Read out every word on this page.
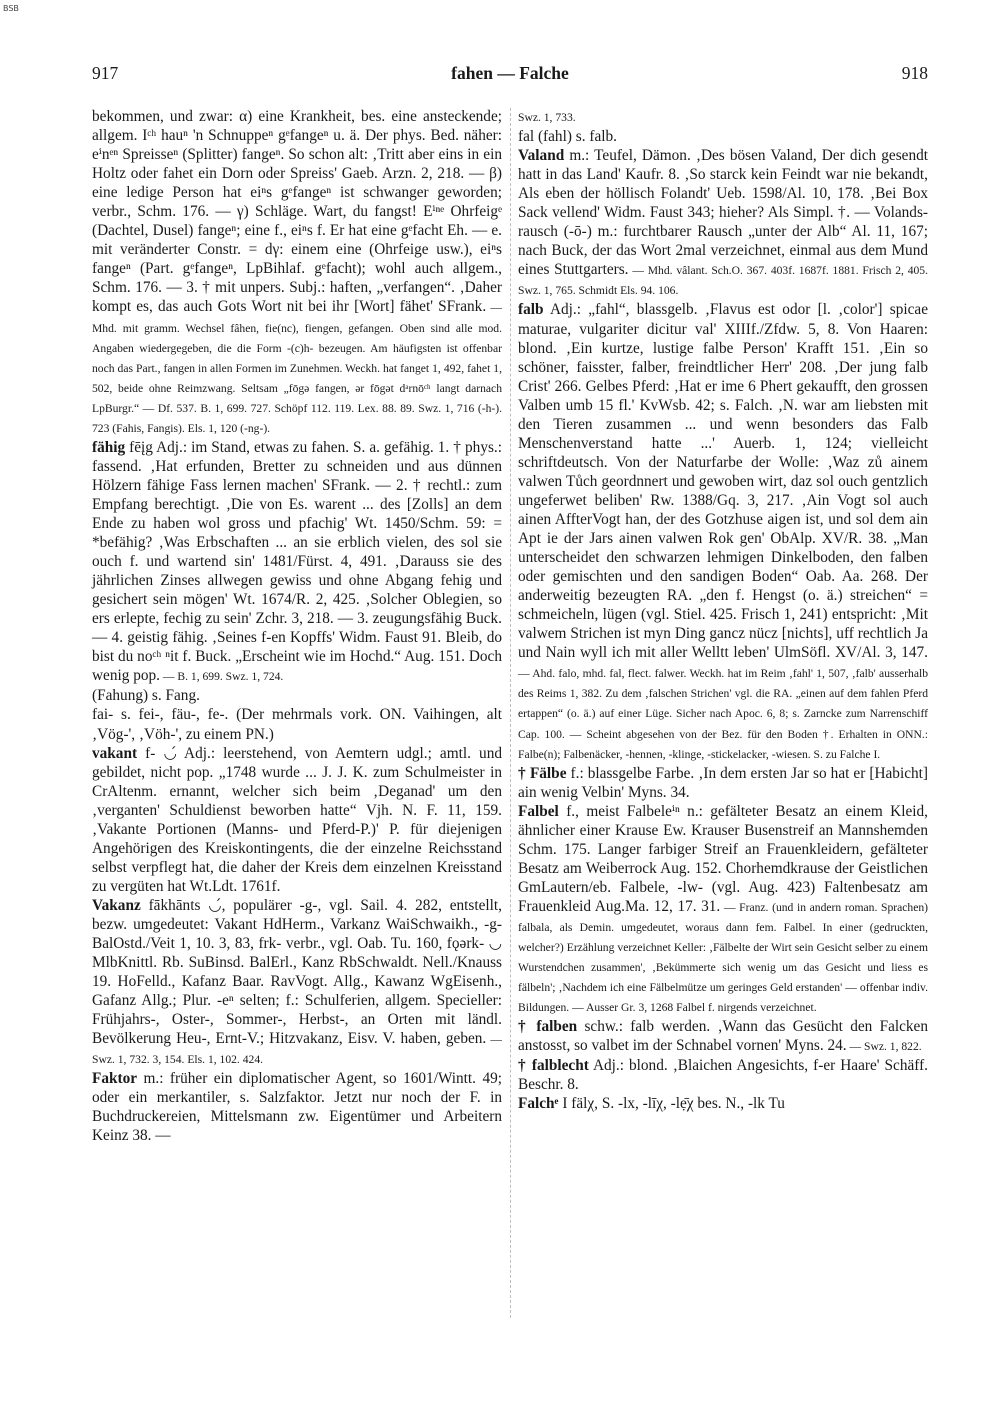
BSB
917	fahen — Falche	918

bekommen, und zwar: α) eine Krankheit, bes. eine ansteckende; allgem. Iᶜʰ hauⁿ 'n Schnuppeⁿ gᵉfangeⁿ u. ä. Der phys. Bed. näher: eⁱnᵉⁿ Spreisseⁿ (Splitter) fangeⁿ. So schon alt: ‚Tritt aber eins in ein Holtz oder fahet ein Dorn oder Spreiss' Gaeb. Arzn. 2, 218. — β) eine ledige Person hat eiⁿs gᵉfangeⁿ ist schwanger geworden; verbr., Schm. 176. — γ) Schläge. Wart, du fangst! Eⁱⁿᵉ Ohrfeigᵉ (Dachtel, Dusel) fangeⁿ; eine f., eiⁿs f. Er hat eine gᵉfacht Eh. — e. mit veränderter Constr. = dγ: einem eine (Ohrfeige usw.), eiⁿs fangeⁿ (Part. gᵉfangeⁿ, LpBihlaf. gᵉfacht); wohl auch allgem., Schm. 176. — 3. † mit unpers. Subj.: haften, „verfangen“. ‚Daher kompt es, das auch Gots Wort nit bei ihr [Wort] fähet' SFrank. — Mhd. mit gramm. Wechsel fâhen, fie(nc), fiengen, gefangen. Oben sind alle mod. Angaben wiedergegeben, die die Form -(c)h- bezeugen. Am häufigsten ist offenbar noch das Part., fangen in allen Formen im Zunehmen. Weckh. hat fanget 1, 492, fahet 1, 502, beide ohne Reimzwang. Seltsam „fōgə fangen, ər fōgət dᵃrnōᶜʰ langt darnach LpBurgr.“ — Df. 537. B. 1, 699. 727. Schöpf 112. 119. Lex. 88. 89. Swz. 1, 716 (-h-). 723 (Fahis, Fangis). Els. 1, 120 (-ng-).

fähig fēįg Adj.: im Stand, etwas zu fahen. S. a. gefähig. 1. † phys.: fassend. ‚Hat erfunden, Bretter zu schneiden und aus dünnen Hölzern fähige Fass lernen machen' SFrank. — 2. † rechtl.: zum Empfang berechtigt. ‚Die von Es. warent ... des [Zolls] an dem Ende zu haben wol gross und pfachig' Wt. 1450/Schm. 59: = *befähig? ‚Was Erbschaften ... an sie erblich vielen, des sol sie ouch f. und wartend sin' 1481/Fürst. 4, 491. ‚Darauss sie des jährlichen Zinses allwegen gewiss und ohne Abgang fehig und gesichert sein mögen' Wt. 1674/R. 2, 425. ‚Solcher Oblegien, so ers erlepte, fechig zu sein' Zchr. 3, 218. — 3. zeugungsfähig Buck. — 4. geistig fähig. ‚Seines f-en Kopffs' Widm. Faust 91. Bleib, do bist du noᶜʰ ⁿit f. Buck. „Erscheint wie im Hochd.“ Aug. 151. Doch wenig pop. — B. 1, 699. Swz. 1, 724.

(Fahung) s. Fang.

fai- s. fei-, fäu-, fe-. (Der mehrmals vork. ON. Vaihingen, alt ‚Vög-', ‚Vöh-', zu einem PN.)

vakant f- ◡́ Adj.: leerstehend, von Aemtern udgl.; amtl. und gebildet, nicht pop. „1748 wurde ... J. J. K. zum Schulmeister in CrAltenm. ernannt, welcher sich beim ‚Deganad' um den ‚verganten' Schuldienst beworben hatte“ Vjh. N. F. 11, 159. ‚Vakante Portionen (Manns- und Pferd-P.)' P. für diejenigen Angehörigen des Kreiskontingents, die der einzelne Reichsstand selbst verpflegt hat, die daher der Kreis dem einzelnen Kreisstand zu vergüten hat Wt.Ldt. 1761f.

Vakanz fākhānts ◡́, populärer -g-, vgl. Sail. 4. 282, entstellt, bezw. umgedeutet: Vakant HdHerm., Varkanz WaiSchwaikh., -g- BalOstd./Veit 1, 10. 3, 83, frk- verbr., vgl. Oab. Tu. 160, fǫərk- ◡ MlbKnittl. Rb. SuBinsd. BalErl., Kanz RbSchwaldt. Nell./Knauss 19. HoFelld., Kafanz Baar. RavVogt. Allg., Kawanz WgEisenh., Gafanz Allg.; Plur. -eⁿ selten; f.: Schulferien, allgem. Specieller: Frühjahrs-, Oster-, Sommer-, Herbst-, an Orten mit ländl. Bevölkerung Heu-, Ernt-V.; Hitzvakanz, Eisv. V. haben, geben. — Swz. 1, 732. 3, 154. Els. 1, 102. 424.

Faktor m.: früher ein diplomatischer Agent, so 1601/Wintt. 49; oder ein merkantiler, s. Salzfaktor. Jetzt nur noch der F. in Buchdruckereien, Mittelsmann zw. Eigentümer und Arbeitern Keinz 38. —

Swz. 1, 733.

fal (fahl) s. falb.

Valand m.: Teufel, Dämon. ‚Des bösen Valand, Der dich gesendt hatt in das Land' Kaufr. 8. ‚So starck kein Feindt war nie bekandt, Als eben der höllisch Folandt' Ueb. 1598/Al. 10, 178. ‚Bei Box Sack vellend' Widm. Faust 343; hieher? Als Simpl. †. — Volands-rausch (-ō-) m.: furchtbarer Rausch „unter der Alb“ Al. 11, 167; nach Buck, der das Wort 2mal verzeichnet, einmal aus dem Mund eines Stuttgarters. — Mhd. vâlant. Sch.O. 367. 403f. 1687f. 1881. Frisch 2, 405. Swz. 1, 765. Schmidt Els. 94. 106.

falb Adj.: „fahl“, blassgelb. ‚Flavus est odor [l. ‚color'] spicae maturae, vulgariter dicitur val' XIIIf./Zfdw. 5, 8. Von Haaren: blond. ‚Ein kurtze, lustige falbe Person' Krafft 151. ‚Ein so schöner, faisster, falber, freindtlicher Herr' 208. ‚Der jung falb Crist' 266. Gelbes Pferd: ‚Hat er ime 6 Phert gekaufft, den grossen Valben umb 15 fl.' KvWsb. 42; s. Falch. ‚N. war am liebsten mit den Tieren zusammen ... und wenn besonders das Falb Menschenverstand hatte ...' Auerb. 1, 124; vielleicht schriftdeutsch. Von der Naturfarbe der Wolle: ‚Waz zů ainem valwen Tůch geordnnert und gewoben wirt, daz sol ouch gentzlich ungeferwet beliben' Rw. 1388/Gq. 3, 217. ‚Ain Vogt sol auch ainen AffterVogt han, der des Gotzhuse aigen ist, und sol dem ain Apt ie der Jars ainen valwen Rok gen' ObAlp. XV/R. 38. „Man unterscheidet den schwarzen lehmigen Dinkelboden, den falben oder gemischten und den sandigen Boden“ Oab. Aa. 268. Der anderweitig bezeugten RA. „den f. Hengst (o. ä.) streichen“ = schmeicheln, lügen (vgl. Stiel. 425. Frisch 1, 241) entspricht: ‚Mit valwem Strichen ist myn Ding gancz nücz [nichts], uff rechtlich Ja und Nain wyll ich mit aller Welltt leben' UlmSöfl. XV/Al. 3, 147. — Ahd. falo, mhd. fal, flect. falwer. Weckh. hat im Reim ‚fahl' 1, 507, ‚falb' ausserhalb des Reims 1, 382. Zu dem ‚falschen Strichen' vgl. die RA. „einen auf dem fahlen Pferd ertappen“ (o. ä.) auf einer Lüge. Sicher nach Apoc. 6, 8; s. Zarncke zum Narrenschiff Cap. 100. — Scheint abgesehen von der Bez. für den Boden †. Erhalten in ONN.: Falbe(n); Falbenäcker, -hennen, -klinge, -stickelacker, -wiesen. S. zu Falche I.

† Fälbe f.: blassgelbe Farbe. ‚In dem ersten Jar so hat er [Habicht] ain wenig Velbin' Myns. 34.

Falbel f., meist Falbeleⁱⁿ n.: gefälteter Besatz an einem Kleid, ähnlicher einer Krause Ew. Krauser Busenstreif an Mannshemden Schm. 175. Langer farbiger Streif an Frauenkleidern, gefälteter Besatz am Weiberrock Aug. 152. Chorhemdkrause der Geistlichen GmLautern/eb. Falbele, -lw- (vgl. Aug. 423) Faltenbesatz am Frauenkleid Aug.Ma. 12, 17. 31. — Franz. (und in andern roman. Sprachen) falbala, als Demin. umgedeutet, woraus dann fem. Falbel. In einer (gedruckten, welcher?) Erzählung verzeichnet Keller: ‚Fälbelte der Wirt sein Gesicht selber zu einem Wurstendchen zusammen', ‚Bekümmerte sich wenig um das Gesicht und liess es fälbeln'; ‚Nachdem ich eine Fälbelmütze um geringes Geld erstanden' — offenbar indiv. Bildungen. — Ausser Gr. 3, 1268 Falbel f. nirgends verzeichnet.

† falben schw.: falb werden. ‚Wann das Gesücht den Falcken anstosst, so valbet im der Schnabel vornen' Myns. 24. — Swz. 1, 822.

† falblecht Adj.: blond. ‚Blaichen Angesichts, f-er Haare' Schäff. Beschr. 8.

Falchᵉ I fälχ, S. -lx, -līχ, -lẹ̄χ bes. N., -lk Tu
